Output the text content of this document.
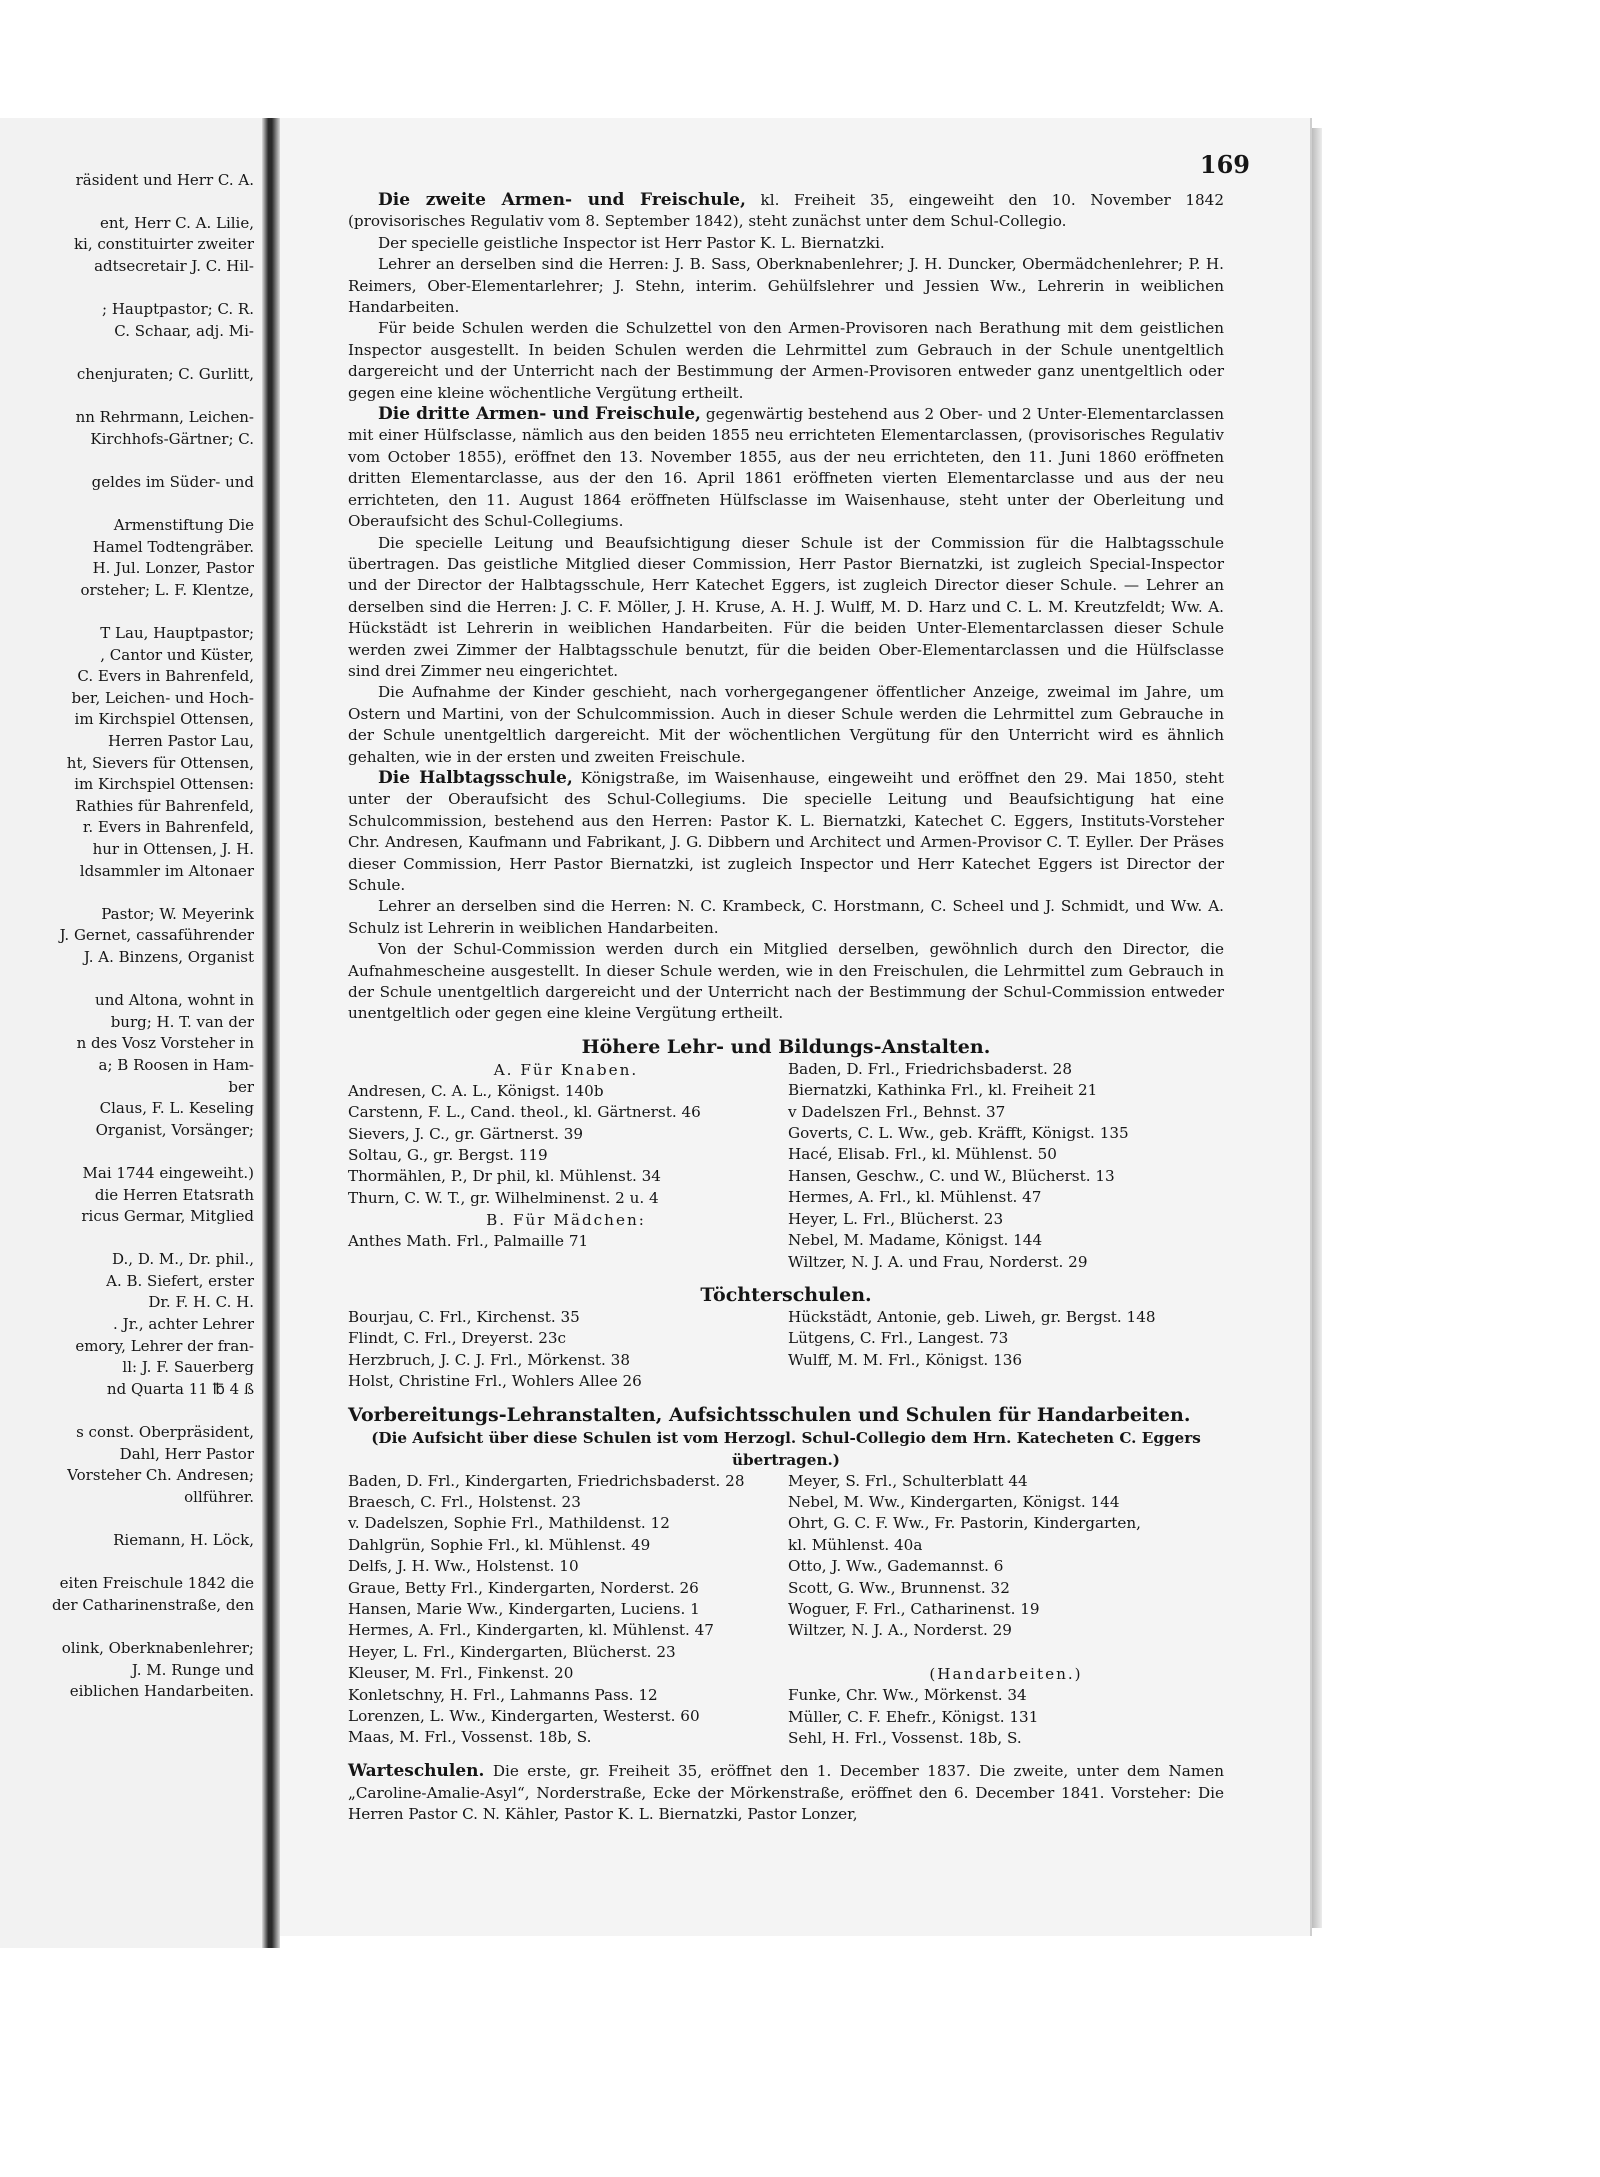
räsident und Herr C. A.
ent, Herr C. A. Lilie,
ki, constituirter zweiter
adtsecretair J. C. Hil-
; Hauptpastor; C. R.
C. Schaar, adj. Mi-
chenjuraten; C. Gurlitt,
nn Rehrmann, Leichen-
Kirchhofs-Gärtner; C.
geldes im Süder- und
Armenstiftung Die
Hamel Todtengräber.
H. Jul. Lonzer, Pastor
orsteher; L. F. Klentze,
T Lau, Hauptpastor;
, Cantor und Küster,
C. Evers in Bahrenfeld,
ber, Leichen- und Hoch-
im Kirchspiel Ottensen,
Herren Pastor Lau,
ht, Sievers für Ottensen,
im Kirchspiel Ottensen:
Rathies für Bahrenfeld,
r. Evers in Bahrenfeld,
hur in Ottensen, J. H.
ldsammler im Altonaer
Pastor; W. Meyerink
J. Gernet, cassaführender
J. A. Binzens, Organist
und Altona, wohnt in
burg; H. T. van der
n des Vosz Vorsteher in
a; B Roosen in Ham-
ber
Claus, F. L. Keseling
Organist, Vorsänger;
Mai 1744 eingeweiht.)
die Herren Etatsrath
ricus Germar, Mitglied
D., D. M., Dr. phil.,
A. B. Siefert, erster
Dr. F. H. C. H.
. Jr., achter Lehrer
emory, Lehrer der fran-
ll: J. F. Sauerberg
nd Quarta 11 ℔ 4 ß
s const. Oberpräsident,
Dahl, Herr Pastor
Vorsteher Ch. Andresen;
ollführer.
Riemann, H. Löck,
eiten Freischule 1842 die
der Catharinenstraße, den
olink, Oberknabenlehrer;
J. M. Runge und
eiblichen Handarbeiten.
169

Die zweite Armen- und Freischule, kl. Freiheit 35, eingeweiht den 10. November 1842 (provisorisches Regulativ vom 8. September 1842), steht zunächst unter dem Schul-Collegio.

Der specielle geistliche Inspector ist Herr Pastor K. L. Biernatzki.

Lehrer an derselben sind die Herren: J. B. Sass, Oberknabenlehrer; J. H. Duncker, Obermädchenlehrer; P. H. Reimers, Ober-Elementarlehrer; J. Stehn, interim. Gehülfslehrer und Jessien Ww., Lehrerin in weiblichen Handarbeiten.

Für beide Schulen werden die Schulzettel von den Armen-Provisoren nach Berathung mit dem geistlichen Inspector ausgestellt. In beiden Schulen werden die Lehrmittel zum Gebrauch in der Schule unentgeltlich dargereicht und der Unterricht nach der Bestimmung der Armen-Provisoren entweder ganz unentgeltlich oder gegen eine kleine wöchentliche Vergütung ertheilt.

Die dritte Armen- und Freischule, gegenwärtig bestehend aus 2 Ober- und 2 Unter-Elementarclassen mit einer Hülfsclasse, nämlich aus den beiden 1855 neu errichteten Elementarclassen, (provisorisches Regulativ vom October 1855), eröffnet den 13. November 1855, aus der neu errichteten, den 11. Juni 1860 eröffneten dritten Elementarclasse, aus der den 16. April 1861 eröffneten vierten Elementarclasse und aus der neu errichteten, den 11. August 1864 eröffneten Hülfsclasse im Waisenhause, steht unter der Oberleitung und Oberaufsicht des Schul-Collegiums.

Die specielle Leitung und Beaufsichtigung dieser Schule ist der Commission für die Halbtagsschule übertragen. Das geistliche Mitglied dieser Commission, Herr Pastor Biernatzki, ist zugleich Special-Inspector und der Director der Halbtagsschule, Herr Katechet Eggers, ist zugleich Director dieser Schule. — Lehrer an derselben sind die Herren: J. C. F. Möller, J. H. Kruse, A. H. J. Wulff, M. D. Harz und C. L. M. Kreutzfeldt; Ww. A. Hückstädt ist Lehrerin in weiblichen Handarbeiten. Für die beiden Unter-Elementarclassen dieser Schule werden zwei Zimmer der Halbtagsschule benutzt, für die beiden Ober-Elementarclassen und die Hülfsclasse sind drei Zimmer neu eingerichtet.

Die Aufnahme der Kinder geschieht, nach vorhergegangener öffentlicher Anzeige, zweimal im Jahre, um Ostern und Martini, von der Schulcommission. Auch in dieser Schule werden die Lehrmittel zum Gebrauche in der Schule unentgeltlich dargereicht. Mit der wöchentlichen Vergütung für den Unterricht wird es ähnlich gehalten, wie in der ersten und zweiten Freischule.

Die Halbtagsschule, Königstraße, im Waisenhause, eingeweiht und eröffnet den 29. Mai 1850, steht unter der Oberaufsicht des Schul-Collegiums. Die specielle Leitung und Beaufsichtigung hat eine Schulcommission, bestehend aus den Herren: Pastor K. L. Biernatzki, Katechet C. Eggers, Instituts-Vorsteher Chr. Andresen, Kaufmann und Fabrikant, J. G. Dibbern und Architect und Armen-Provisor C. T. Eyller. Der Präses dieser Commission, Herr Pastor Biernatzki, ist zugleich Inspector und Herr Katechet Eggers ist Director der Schule.

Lehrer an derselben sind die Herren: N. C. Krambeck, C. Horstmann, C. Scheel und J. Schmidt, und Ww. A. Schulz ist Lehrerin in weiblichen Handarbeiten.

Von der Schul-Commission werden durch ein Mitglied derselben, gewöhnlich durch den Director, die Aufnahmescheine ausgestellt. In dieser Schule werden, wie in den Freischulen, die Lehrmittel zum Gebrauch in der Schule unentgeltlich dargereicht und der Unterricht nach der Bestimmung der Schul-Commission entweder unentgeltlich oder gegen eine kleine Vergütung ertheilt.

Höhere Lehr- und Bildungs-Anstalten.
A. Für Knaben.
Andresen, C. A. L., Königst. 140b
Carstenn, F. L., Cand. theol., kl. Gärtnerst. 46
Sievers, J. C., gr. Gärtnerst. 39
Soltau, G., gr. Bergst. 119
Thormählen, P., Dr phil, kl. Mühlenst. 34
Thurn, C. W. T., gr. Wilhelminenst. 2 u. 4
B. Für Mädchen:
Anthes Math. Frl., Palmaille 71
Baden, D. Frl., Friedrichsbaderst. 28
Biernatzki, Kathinka Frl., kl. Freiheit 21
v Dadelszen Frl., Behnst. 37
Goverts, C. L. Ww., geb. Kräfft, Königst. 135
Hacé, Elisab. Frl., kl. Mühlenst. 50
Hansen, Geschw., C. und W., Blücherst. 13
Hermes, A. Frl., kl. Mühlenst. 47
Heyer, L. Frl., Blücherst. 23
Nebel, M. Madame, Königst. 144
Wiltzer, N. J. A. und Frau, Norderst. 29
Töchterschulen.
Bourjau, C. Frl., Kirchenst. 35
Flindt, C. Frl., Dreyerst. 23c
Herzbruch, J. C. J. Frl., Mörkenst. 38
Holst, Christine Frl., Wohlers Allee 26
Hückstädt, Antonie, geb. Liweh, gr. Bergst. 148
Lütgens, C. Frl., Langest. 73
Wulff, M. M. Frl., Königst. 136
Vorbereitungs-Lehranstalten, Aufsichtsschulen und Schulen für Handarbeiten.
(Die Aufsicht über diese Schulen ist vom Herzogl. Schul-Collegio dem Hrn. Katecheten C. Eggers übertragen.)
Baden, D. Frl., Kindergarten, Friedrichsbaderst. 28
Braesch, C. Frl., Holstenst. 23
v. Dadelszen, Sophie Frl., Mathildenst. 12
Dahlgrün, Sophie Frl., kl. Mühlenst. 49
Delfs, J. H. Ww., Holstenst. 10
Graue, Betty Frl., Kindergarten, Norderst. 26
Hansen, Marie Ww., Kindergarten, Luciens. 1
Hermes, A. Frl., Kindergarten, kl. Mühlenst. 47
Heyer, L. Frl., Kindergarten, Blücherst. 23
Kleuser, M. Frl., Finkenst. 20
Konletschny, H. Frl., Lahmanns Pass. 12
Lorenzen, L. Ww., Kindergarten, Westerst. 60
Maas, M. Frl., Vossenst. 18b, S.
Meyer, S. Frl., Schulterblatt 44
Nebel, M. Ww., Kindergarten, Königst. 144
Ohrt, G. C. F. Ww., Fr. Pastorin, Kindergarten,
kl. Mühlenst. 40a
Otto, J. Ww., Gademannst. 6
Scott, G. Ww., Brunnenst. 32
Woguer, F. Frl., Catharinenst. 19
Wiltzer, N. J. A., Norderst. 29
(Handarbeiten.)
Funke, Chr. Ww., Mörkenst. 34
Müller, C. F. Ehefr., Königst. 131
Sehl, H. Frl., Vossenst. 18b, S.

Warteschulen. Die erste, gr. Freiheit 35, eröffnet den 1. December 1837. Die zweite, unter dem Namen „Caroline-Amalie-Asyl“, Norderstraße, Ecke der Mörkenstraße, eröffnet den 6. December 1841. Vorsteher: Die Herren Pastor C. N. Kähler, Pastor K. L. Biernatzki, Pastor Lonzer,
